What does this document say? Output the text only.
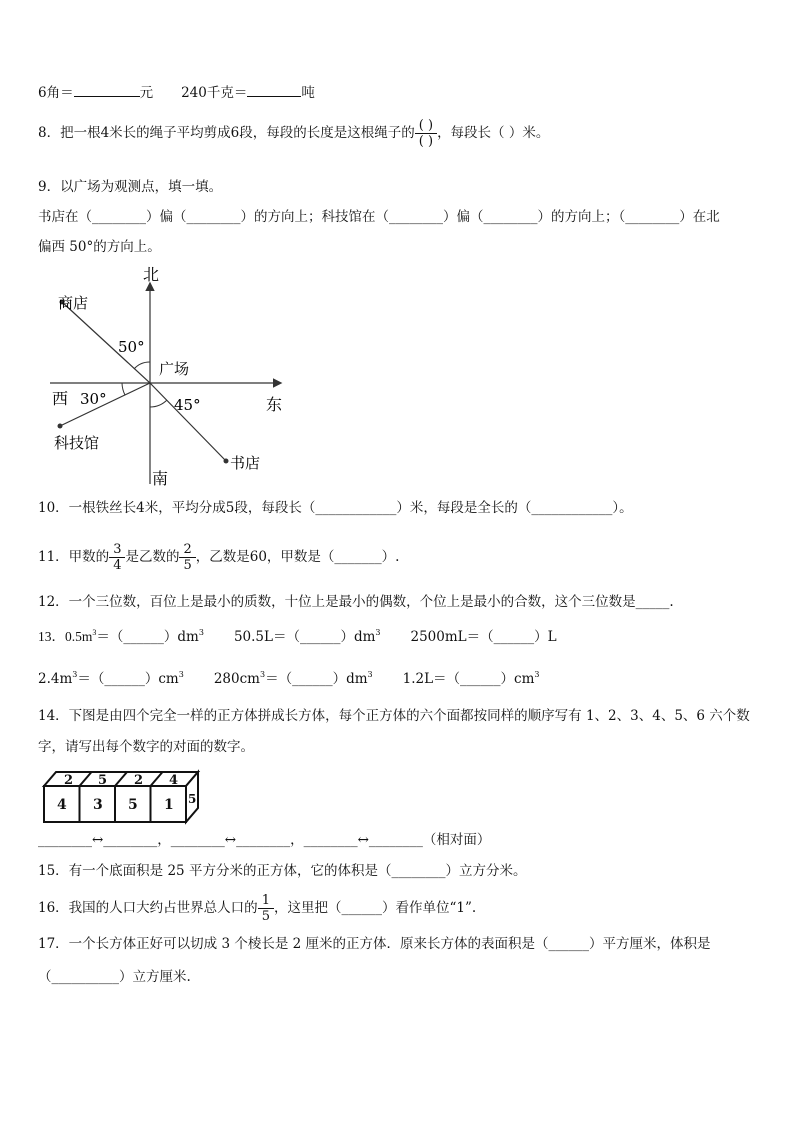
6角＝	元 240千克＝	吨
8．把一根4米长的绳子平均剪成6段，每段的长度是这根绳子的 $\frac{( )}{( )}$ ，每段长（ ）米。
9．以广场为观测点，填一填。
书店在（________）偏（________）的方向上；科技馆在（________）偏（________）的方向上；（________）在北
偏西 50°的方向上。
北
南
东
西
广场
商店
科技馆
书店
50°
30°	45°
10．一根铁丝长4米，平均分成5段，每段长（____________）米，每段是全长的（____________）。
11．甲数的 $\frac{3}{4}$ 是乙数的 $\frac{2}{5}$ ，乙数是60，甲数是（_______）.
12．一个三位数，百位上是最小的质数，十位上是最小的偶数，个位上是最小的合数，这个三位数是_____.
13．$0.5m^3=(\_\_\_\_\_\_)dm^3$ $50.5L=(\_\_\_\_\_\_)dm^3$ 2500mL＝（______）L
$2.4m^3=(\_\_\_\_\_\_)cm^3$ $280cm^3=(\_\_\_\_\_\_)dm^3$ $1.2L=(\_\_\_\_\_\_)cm^3$
14．下图是由四个完全一样的正方体拼成长方体，每个正方体的六个面都按同样的顺序写有 1、2、3、4、5、6 六个数
字，请写出每个数字的对面的数字。
2 5 2 4
4 3 5 1 5
________↔________，________↔________，________↔________（相对面）
15．有一个底面积是 25 平方分米的正方体，它的体积是（________）立方分米。
16．我国的人口大约占世界总人口的 $\frac{1}{5}$ ，这里把（______）看作单位“1”.
17．一个长方体正好可以切成 3 个棱长是 2 厘米的正方体．原来长方体的表面积是（______）平方厘米，体积是
（__________）立方厘米.
